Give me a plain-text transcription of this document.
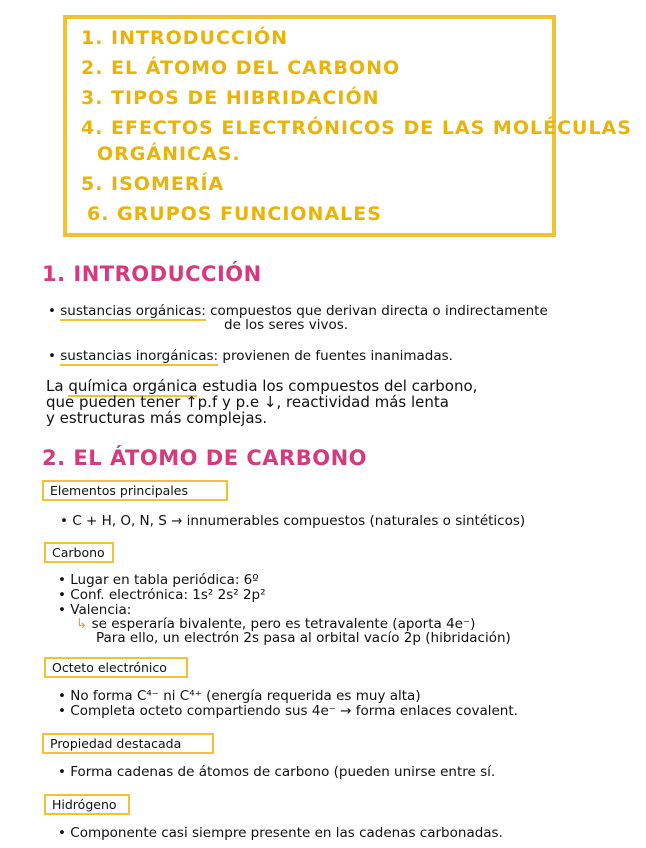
1. INTRODUCCIÓN
2. EL ÁTOMO DEL CARBONO
3. TIPOS DE HIBRIDACIÓN
4. EFECTOS ELECTRÓNICOS DE LAS MOLÉCULAS
ORGÁNICAS.
5. ISOMERÍA
6. GRUPOS FUNCIONALES
1. INTRODUCCIÓN
• sustancias orgánicas: compuestos que derivan directa o indirectamente
de los seres vivos.
• sustancias inorgánicas: provienen de fuentes inanimadas.
La química orgánica estudia los compuestos del carbono,
que pueden tener ↑p.f y p.e ↓, reactividad más lenta
y estructuras más complejas.
2. EL ÁTOMO DE CARBONO
Elementos principales
• C + H, O, N, S → innumerables compuestos (naturales o sintéticos)
Carbono
• Lugar en tabla periódica: 6º
• Conf. electrónica: 1s² 2s² 2p²
• Valencia:
↳ se esperaría bivalente, pero es tetravalente (aporta 4e⁻)
Para ello, un electrón 2s pasa al orbital vacío 2p (hibridación)
Octeto electrónico
• No forma C⁴⁻ ni C⁴⁺ (energía requerida es muy alta)
• Completa octeto compartiendo sus 4e⁻ → forma enlaces covalent.
Propiedad destacada
• Forma cadenas de átomos de carbono (pueden unirse entre sí.
Hidrógeno
• Componente casi siempre presente en las cadenas carbonadas.
